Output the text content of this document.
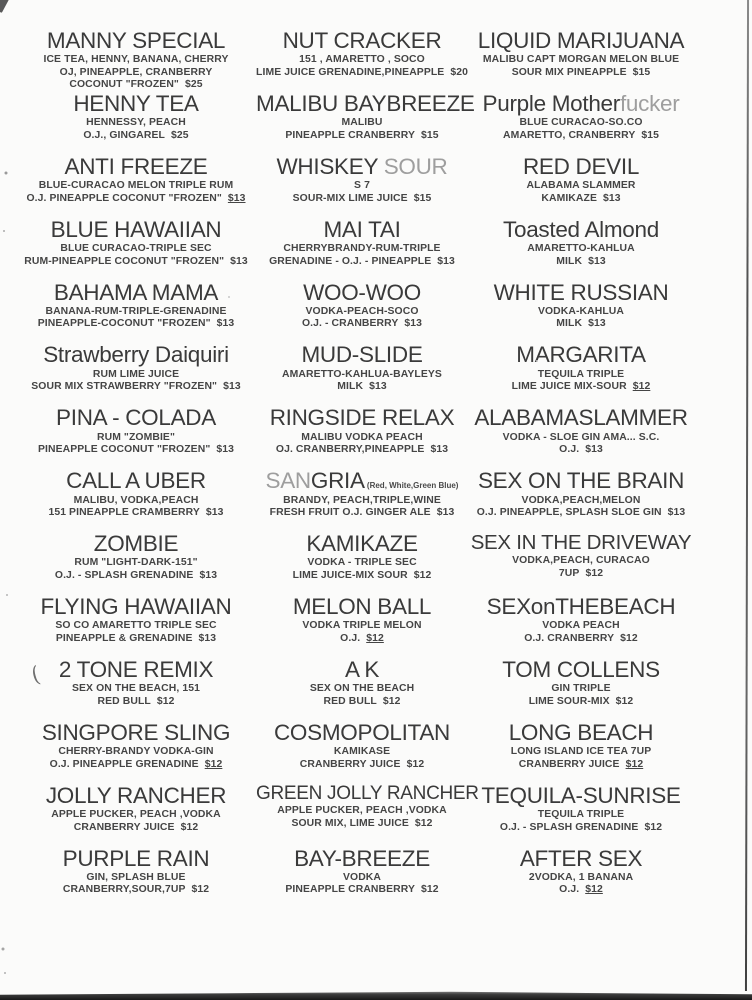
MANNY SPECIAL
ICE TEA, HENNY, BANANA, CHERRY
OJ, PINEAPPLE, CRANBERRY
COCONUT "FROZEN" $25
NUT CRACKER
151 , AMARETTO , SOCO
LIME JUICE GRENADINE,PINEAPPLE $20
LIQUID MARIJUANA
MALIBU CAPT MORGAN MELON BLUE
SOUR MIX PINEAPPLE $15
HENNY TEA
HENNESSY, PEACH
O.J., GINGAREL $25
MALIBU BAYBREEZE
MALIBU
PINEAPPLE CRANBERRY $15
Purple Motherfucker
BLUE CURACAO-SO.CO
AMARETTO, CRANBERRY $15
ANTI FREEZE
BLUE-CURACAO MELON TRIPLE RUM
O.J. PINEAPPLE COCONUT "FROZEN" $13
WHISKEY SOUR
S 7
SOUR-MIX LIME JUICE $15
RED DEVIL
ALABAMA SLAMMER
KAMIKAZE $13
BLUE HAWAIIAN
BLUE CURACAO-TRIPLE SEC
RUM-PINEAPPLE COCONUT "FROZEN" $13
MAI TAI
CHERRYBRANDY-RUM-TRIPLE
GRENADINE - O.J. - PINEAPPLE $13
Toasted Almond
AMARETTO-KAHLUA
MILK $13
BAHAMA MAMA
BANANA-RUM-TRIPLE-GRENADINE
PINEAPPLE-COCONUT "FROZEN" $13
WOO-WOO
VODKA-PEACH-SOCO
O.J. - CRANBERRY $13
WHITE RUSSIAN
VODKA-KAHLUA
MILK $13
Strawberry Daiquiri
RUM LIME JUICE
SOUR MIX STRAWBERRY "FROZEN" $13
MUD-SLIDE
AMARETTO-KAHLUA-BAYLEYS
MILK $13
MARGARITA
TEQUILA TRIPLE
LIME JUICE MIX-SOUR $12
PINA - COLADA
RUM "ZOMBIE"
PINEAPPLE COCONUT "FROZEN" $13
RINGSIDE RELAX
MALIBU VODKA PEACH
OJ. CRANBERRY,PINEAPPLE $13
ALABAMASLAMMER
VODKA - SLOE GIN AMA... S.C.
O.J. $13
CALL A UBER
MALIBU, VODKA,PEACH
151 PINEAPPLE CRAMBERRY $13
SANGRIA (Red, White,Green Blue)
BRANDY, PEACH,TRIPLE,WINE
FRESH FRUIT O.J. GINGER ALE $13
SEX ON THE BRAIN
VODKA,PEACH,MELON
O.J. PINEAPPLE, SPLASH SLOE GIN $13
ZOMBIE
RUM "LIGHT-DARK-151"
O.J. - SPLASH GRENADINE $13
KAMIKAZE
VODKA - TRIPLE SEC
LIME JUICE-MIX SOUR $12
SEX IN THE DRIVEWAY
VODKA,PEACH, CURACAO
7UP $12
FLYING HAWAIIAN
SO CO AMARETTO TRIPLE SEC
PINEAPPLE & GRENADINE $13
MELON BALL
VODKA TRIPLE MELON
O.J. $12
SEXonTHEBEACH
VODKA PEACH
O.J. CRANBERRY $12
( 2 TONE REMIX
SEX ON THE BEACH, 151
RED BULL $12
A K
SEX ON THE BEACH
RED BULL $12
TOM COLLENS
GIN TRIPLE
LIME SOUR-MIX $12
SINGPORE SLING
CHERRY-BRANDY VODKA-GIN
O.J. PINEAPPLE GRENADINE $12
COSMOPOLITAN
KAMIKASE
CRANBERRY JUICE $12
LONG BEACH
LONG ISLAND ICE TEA 7UP
CRANBERRY JUICE $12
JOLLY RANCHER
APPLE PUCKER, PEACH ,VODKA
CRANBERRY JUICE $12
GREEN JOLLY RANCHER
APPLE PUCKER, PEACH ,VODKA
SOUR MIX, LIME JUICE $12
TEQUILA-SUNRISE
TEQUILA TRIPLE
O.J. - SPLASH GRENADINE $12
PURPLE RAIN
GIN, SPLASH BLUE
CRANBERRY,SOUR,7UP $12
BAY-BREEZE
VODKA
PINEAPPLE CRANBERRY $12
AFTER SEX
2VODKA, 1 BANANA
O.J. $12
